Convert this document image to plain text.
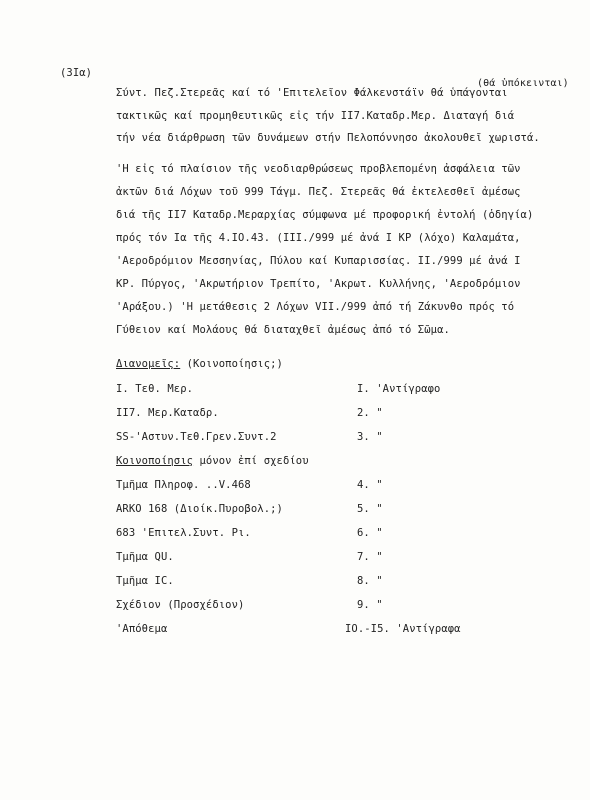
(3Iα)
(θά ὑπόκεινται)
Σύντ. Πεζ.Στερεᾶς καί τό 'Επιτελεῖον Φάλκενστάϊν θά ὑπάγονται
τακτικῶς καί προμηθευτικῶς εἰς τήν II7.Καταδρ.Μερ. Διαταγή διά
τήν νέα διάρθρωση τῶν δυνάμεων στήν Πελοπόννησο ἀκολουθεῖ χωριστά.
'Η εἰς τό πλαίσιον τῆς νεοδιαρθρώσεως προβλεπομένη ἀσφάλεια τῶν
ἀκτῶν διά Λόχων τοῦ 999 Τάγμ. Πεζ. Στερεᾶς θά ἐκτελεσθεῖ ἀμέσως
διά τῆς II7 Καταδρ.Μεραρχίας σύμφωνα μέ προφορική ἐντολή (ὁδηγία)
πρός τόν Ια τῆς 4.IO.43. (III./999 μέ ἀνά I ΚΡ (λόχο) Καλαμάτα,
'Αεροδρόμιον Μεσσηνίας, Πύλου καί Κυπαρισσίας. II./999 μέ ἀνά I
ΚΡ. Πύργος, 'Ακρωτήριον Τρεπίτο, 'Ακρωτ. Κυλλήνης, 'Αεροδρόμιον
'Αράξου.) 'Η μετάθεσις 2 Λόχων VII./999 ἀπό τή Ζάκυνθο πρός τό
Γύθειον καί Μολάους θά διαταχθεῖ ἀμέσως ἀπό τό Σῶμα.
Διανομεῖς: (Κοινοποίησις;)
I. Τεθ. Μερ.	I. 'Αντίγραφο
II7. Μερ.Καταδρ.	2. "
SS-'Αστυν.Τεθ.Γρεν.Συντ.2	3. "
Κοινοποίησις μόνον ἐπί σχεδίου
Τμῆμα Πληροφ. ..V.468	4. "
ARKO 168 (Διοίκ.Πυροβολ.;)	5. "
683 'Επιτελ.Συντ. Ρι.	6. "
Τμῆμα QU.	7. "
Τμῆμα IC.	8. "
Σχέδιον (Προσχέδιον)	9. "
'Απόθεμα	IO.-I5. 'Αντίγραφα
